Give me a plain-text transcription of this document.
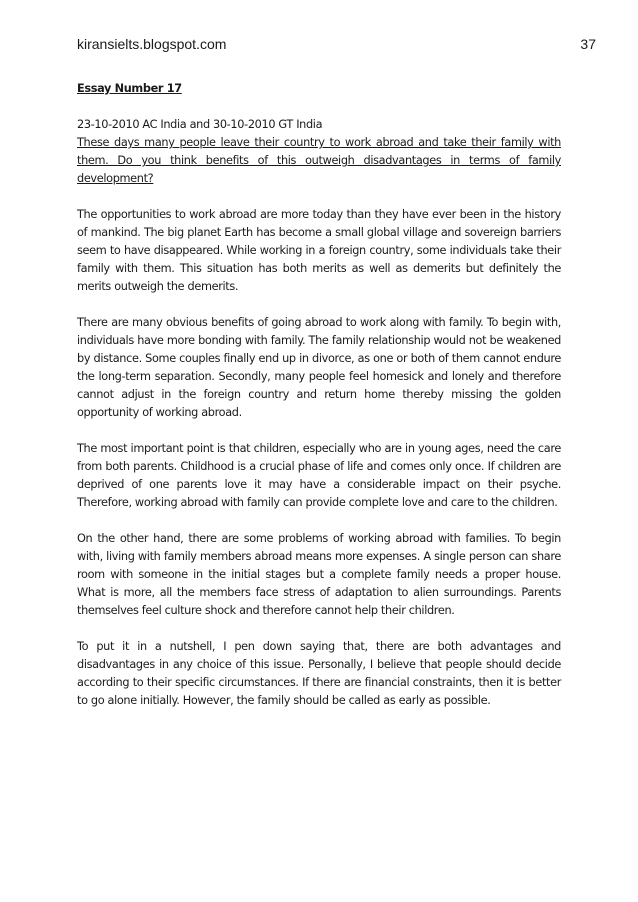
kiransielts.blogspot.com	37

Essay Number 17

23-10-2010 AC India and 30-10-2010 GT India

These days many people leave their country to work abroad and take their family with them. Do you think benefits of this outweigh disadvantages in terms of family development?

The opportunities to work abroad are more today than they have ever been in the history of mankind. The big planet Earth has become a small global village and sovereign barriers seem to have disappeared. While working in a foreign country, some individuals take their family with them. This situation has both merits as well as demerits but definitely the merits outweigh the demerits.

There are many obvious benefits of going abroad to work along with family. To begin with, individuals have more bonding with family. The family relationship would not be weakened by distance. Some couples finally end up in divorce, as one or both of them cannot endure the long-term separation. Secondly, many people feel homesick and lonely and therefore cannot adjust in the foreign country and return home thereby missing the golden opportunity of working abroad.

The most important point is that children, especially who are in young ages, need the care from both parents. Childhood is a crucial phase of life and comes only once. If children are deprived of one parents love it may have a considerable impact on their psyche. Therefore, working abroad with family can provide complete love and care to the children.

On the other hand, there are some problems of working abroad with families. To begin with, living with family members abroad means more expenses. A single person can share room with someone in the initial stages but a complete family needs a proper house. What is more, all the members face stress of adaptation to alien surroundings. Parents themselves feel culture shock and therefore cannot help their children.

To put it in a nutshell, I pen down saying that, there are both advantages and disadvantages in any choice of this issue. Personally, I believe that people should decide according to their specific circumstances. If there are financial constraints, then it is better to go alone initially. However, the family should be called as early as possible.
